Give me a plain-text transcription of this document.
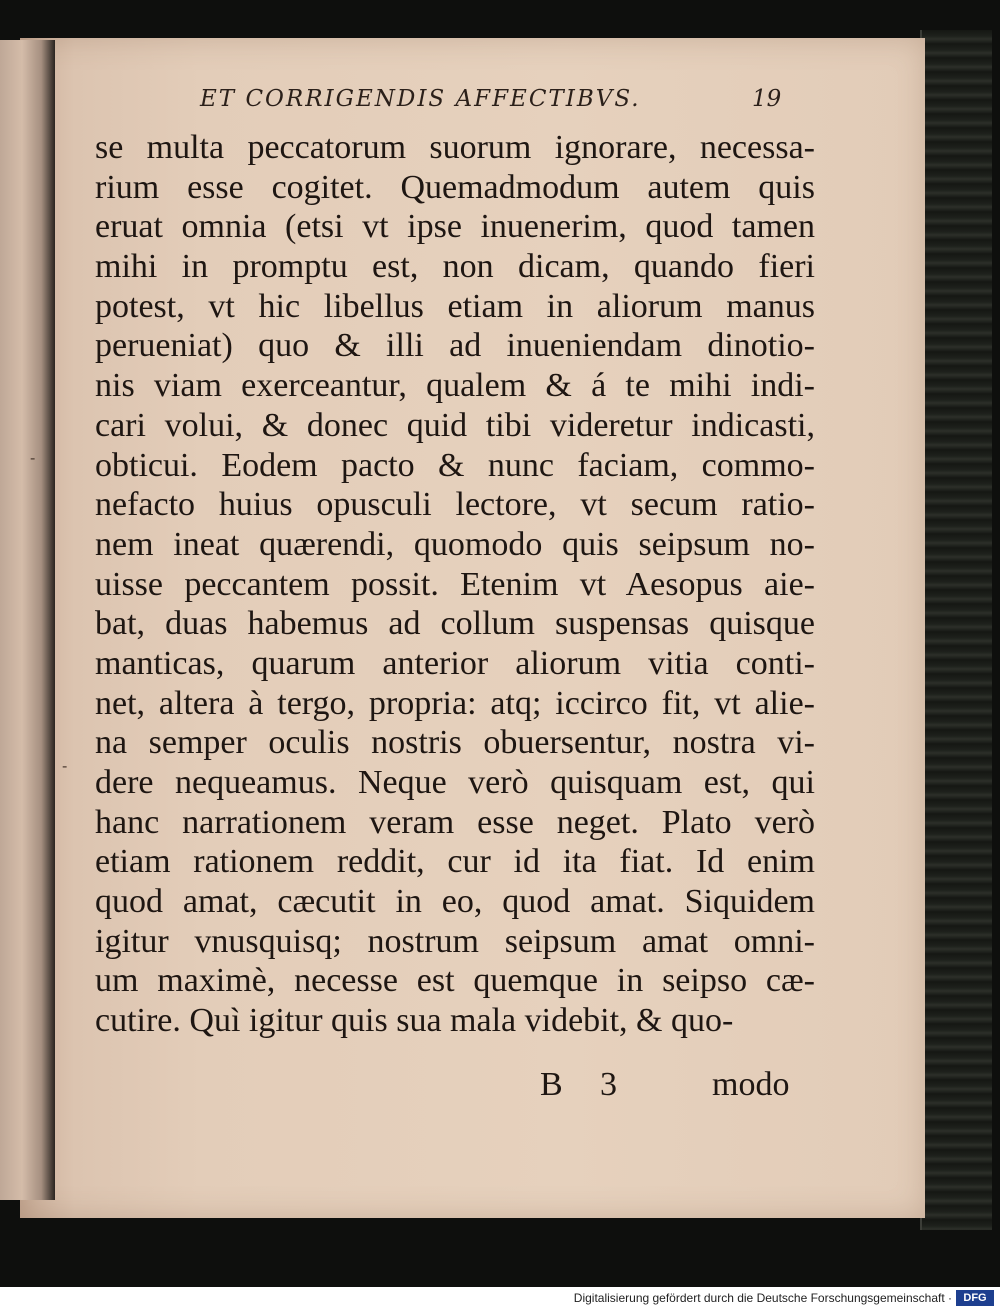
ET CORRIGENDIS AFFECTIBVS.	19
se multa peccatorum suorum ignorare, necessa-
rium esse cogitet. Quemadmodum autem quis
eruat omnia (etsi vt ipse inuenerim, quod tamen
mihi in promptu est, non dicam, quando fieri
potest, vt hic libellus etiam in aliorum manus
perueniat) quo & illi ad inueniendam dinotio-
nis viam exerceantur, qualem & á te mihi indi-
cari volui, & donec quid tibi videretur indicasti,
obticui. Eodem pacto & nunc faciam, commo-
nefacto huius opusculi lectore, vt secum ratio-
nem ineat quærendi, quomodo quis seipsum no-
uisse peccantem possit. Etenim vt Aesopus aie-
bat, duas habemus ad collum suspensas quisque
manticas, quarum anterior aliorum vitia conti-
net, altera à tergo, propria: atq; iccirco fit, vt alie-
na semper oculis nostris obuersentur, nostra vi-
dere nequeamus. Neque verò quisquam est, qui
hanc narrationem veram esse neget. Plato verò
etiam rationem reddit, cur id ita fiat. Id enim
quod amat, cæcutit in eo, quod amat. Siquidem
igitur vnusquisq; nostrum seipsum amat omni-
um maximè, necesse est quemque in seipso cæ-
cutire. Quì igitur quis sua mala videbit, & quo-
B 3	modo
-
-
Digitalisierung gefördert durch die Deutsche Forschungsgemeinschaft ·	DFG
